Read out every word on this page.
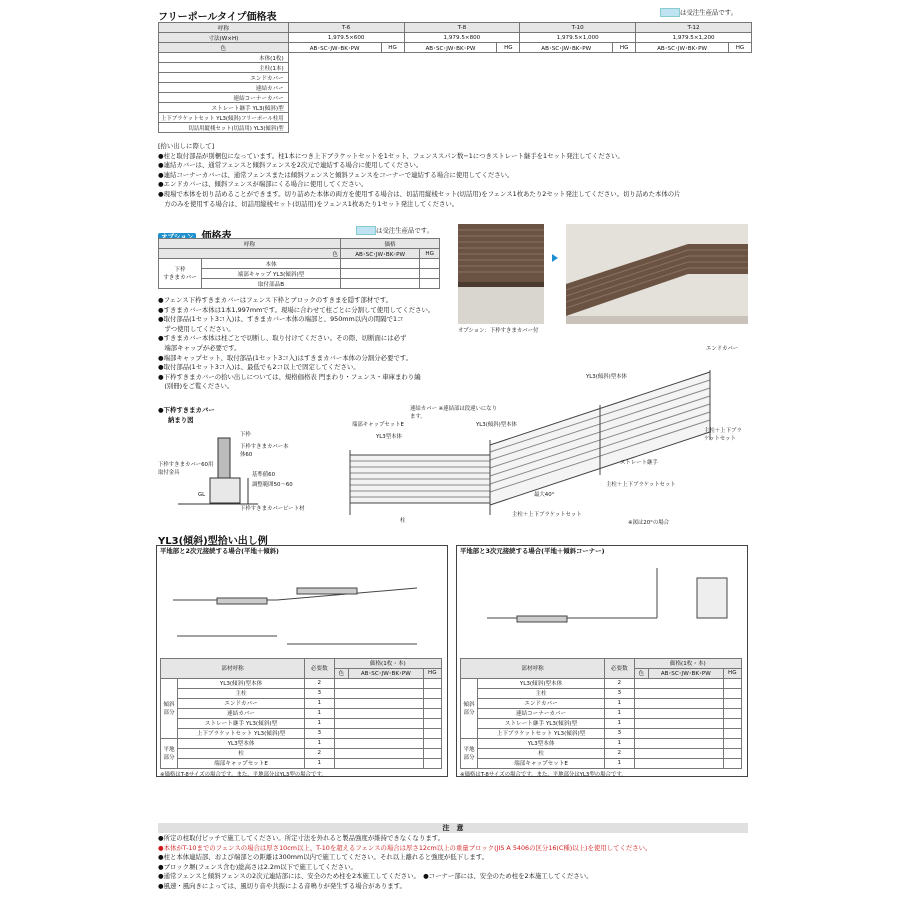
フリーポールタイプ価格表	は受注生産品です。
呼称	T-6		T-8		T-10		T-12	
寸法(W×H)	1,979.5×600		1,979.5×800		1,979.5×1,000		1,979.5×1,200	
色	AB･SC･JW･BK･PW	HG	AB･SC･JW･BK･PW	HG	AB･SC･JW･BK･PW	HG	AB･SC･JW･BK･PW	HG
本体(1枚)								
主柱(1本)								
エンドカバー								
連結カバー								
連結コーナーカバー								
ストレート継手 YL3(傾斜)型								
上下ブラケットセット YL3(傾斜)フリーポール柱用								
切詰用縦桟セット(切詰用) YL3(傾斜)型								
[拾い出しに際して]
●柱と取付部品が別梱包になっています。柱1本につき上下ブラケットセットを1セット、フェンススパン数−1につきストレート継手を1セット発注してください。
●連結カバーは、通常フェンスと傾斜フェンスを2次元で連結する場合に使用してください。
●連結コーナーカバーは、通常フェンスまたは傾斜フェンスと傾斜フェンスをコーナーで連結する場合に使用してください。
●エンドカバーは、傾斜フェンスが端部にくる場合に使用してください。
●現場で本体を切り詰めることができます。切り詰めた本体の両方を使用する場合は、切詰用縦桟セット(切詰用)をフェンス1枚あたり2セット発注してください。切り詰めた本体の片
　方のみを使用する場合は、切詰用縦桟セット(切詰用)をフェンス1枚あたり1セット発注してください。
オプション 価格表
は受注生産品です。
呼称		価格	
色		AB･SC･JW･BK･PW	HG
下枠
すきまカバー	本体		
	端部キャップ YL3(傾斜)型		
	取付部品B		
●フェンス下枠すきまカバーはフェンス下枠とブロックのすきまを隠す部材です。
●すきまカバー本体は1本1,997mmです。現場に合わせて柱ごとに分割して使用してください。
●取付部品(1セット3コ入)は、すきまカバー本体の端部と、950mm以内の間隔で1コ
　ずつ使用してください。
●すきまカバー本体は柱ごとで切断し、取り付けてください。その際、切断面には必ず
　端部キャップが必要です。
●端部キャップセット、取付部品(1セット3コ入)はすきまカバー本体の分割分必要です。
●取付部品(1セット3コ入)は、最低でも2コ以上で固定してください。
●下枠すきまカバーの拾い出しについては、規格価格表 門まわり・フェンス・車庫まわり編
　(別冊)をご覧ください。
オプション：下枠すきまカバー付
●下枠すきまカバー
納まり図
下枠
下枠すきまカバー本体60
下枠すきまカバー60用取付金具
GL
基準値60
調整範囲50〜60
下枠すきまカバービート材
エンドカバー
YL3(傾斜)型本体
連結カバー ※連結部は段違いになります。
端部キャップセットE	YL3(傾斜)型本体
YL3型本体
主柱＋上下ブラケットセット
ストレート継手
主柱＋上下ブラケットセット
最大40°
主柱＋上下ブラケットセット
柱	※図は20°の場合
YL3(傾斜)型拾い出し例
平地部と2次元接続する場合(平地＋傾斜)
部材呼称		必要数	価格(1枚・本)		
			色	AB･SC･JW･BK･PW	HG
傾斜部分	YL3(傾斜)型本体	2			
	主柱	3			
	エンドカバー	1			
	連結カバー	1			
	ストレート継手 YL3(傾斜)型	1			
	上下ブラケットセット YL3(傾斜)型	3			
平地部分	YL3型本体	1			
	柱	2			
	端部キャップセットE	1			
※価格はT-8サイズの場合です。また、平地部分はYL3型の場合です。
平地部と3次元接続する場合(平地＋傾斜コーナー)
部材呼称		必要数	価格(1枚・本)		
			色	AB･SC･JW･BK･PW	HG
傾斜部分	YL3(傾斜)型本体	2			
	主柱	3			
	エンドカバー	1			
	連結コーナーカバー	1			
	ストレート継手 YL3(傾斜)型	1			
	上下ブラケットセット YL3(傾斜)型	3			
平地部分	YL3型本体	1			
	柱	2			
	端部キャップセットE	1			
※価格はT-8サイズの場合です。また、平地部分はYL3型の場合です。
注　意
●所定の柱取付ピッチで施工してください。所定寸法を外れると製品強度が維持できなくなります。
●本体がT-10までのフェンスの場合は厚さ10cm以上、T-10を超えるフェンスの場合は厚さ12cm以上の重量ブロック(JIS A 5406の区分16(C種)以上)を使用してください。
●柱と本体連結部、および端部との距離は300mm以内で施工してください。それ以上離れると強度が低下します。
●ブロック塀(フェンス含む)総高さは2.2m以下で施工してください。
●通常フェンスと傾斜フェンスの2次元連結部には、安全のため柱を2本施工してください。　●コーナー部には、安全のため柱を2本施工してください。
●風速・風向きによっては、風切り音や共振による音鳴りが発生する場合があります。
